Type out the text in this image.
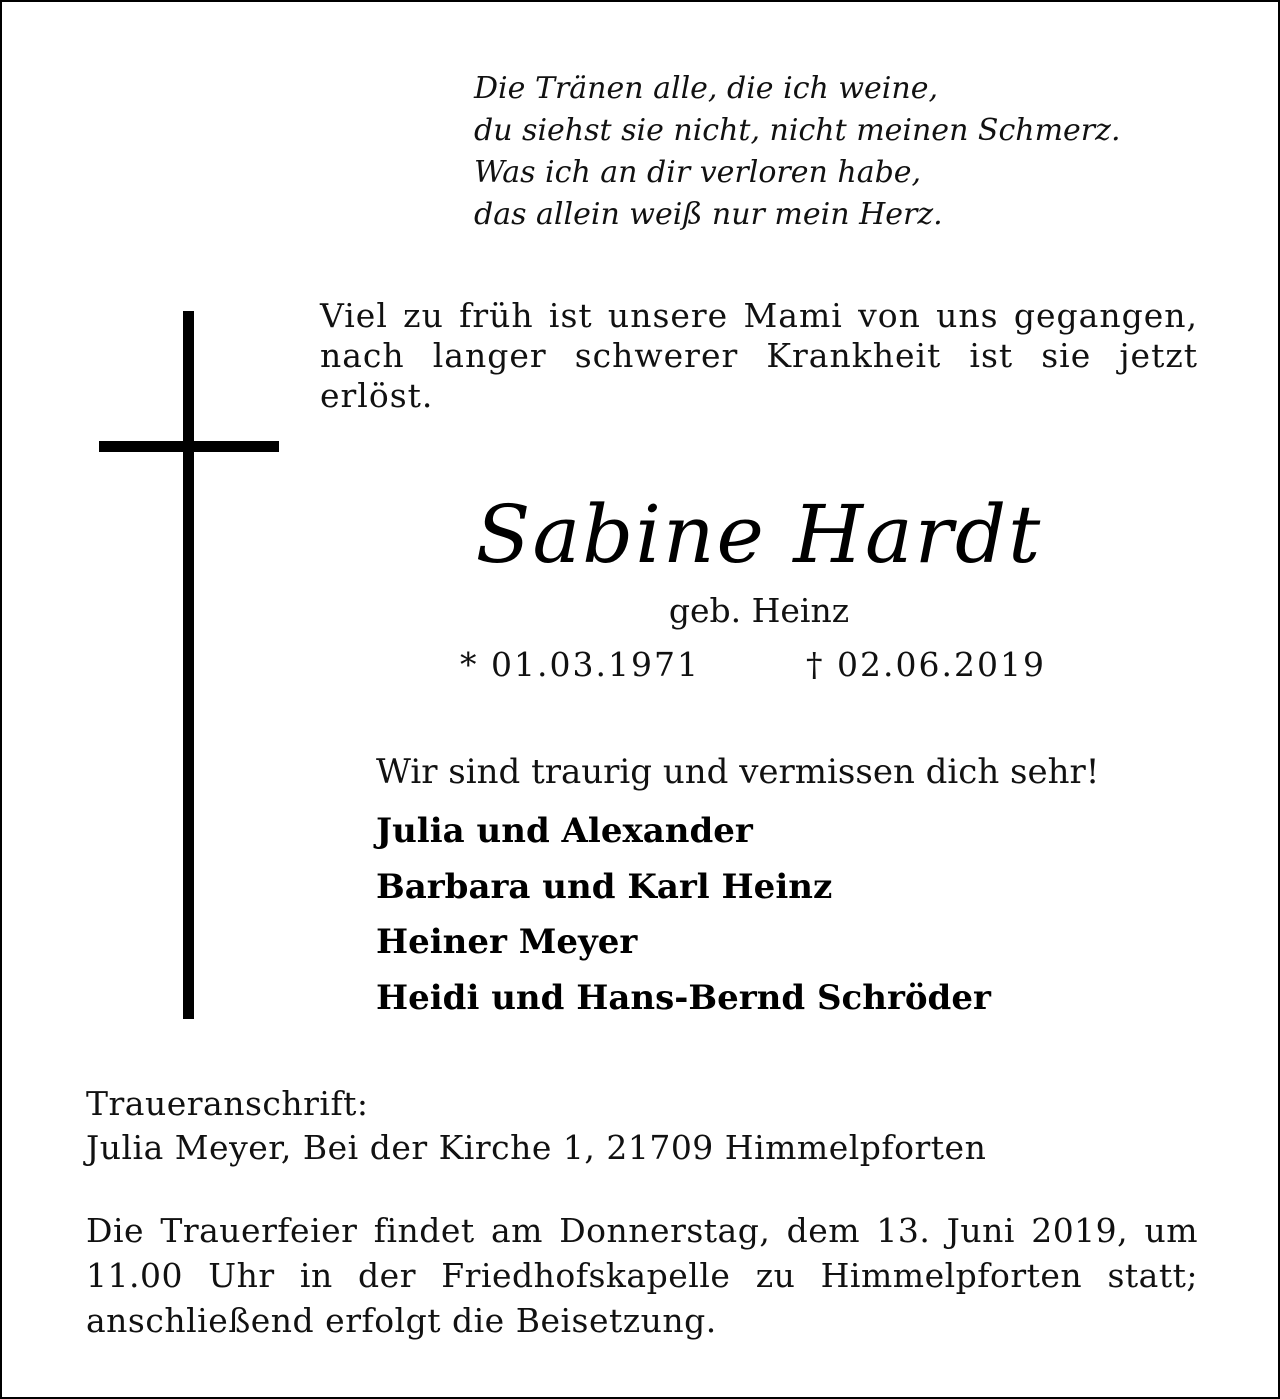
Die Tränen alle, die ich weine,
du siehst sie nicht, nicht meinen Schmerz.
Was ich an dir verloren habe,
das allein weiß nur mein Herz.
Viel zu früh ist unsere Mami von uns gegangen, nach langer schwerer Krankheit ist sie jetzt erlöst.
Sabine Hardt
geb. Heinz
* 01.03.1971	† 02.06.2019
Wir sind traurig und vermissen dich sehr!
Julia und Alexander
Barbara und Karl Heinz
Heiner Meyer
Heidi und Hans-Bernd Schröder
Traueranschrift:
Julia Meyer, Bei der Kirche 1, 21709 Himmelpforten
Die Trauerfeier findet am Donnerstag, dem 13. Juni 2019, um 11.00 Uhr in der Friedhofskapelle zu Himmelpforten statt; anschließend erfolgt die Beisetzung.
